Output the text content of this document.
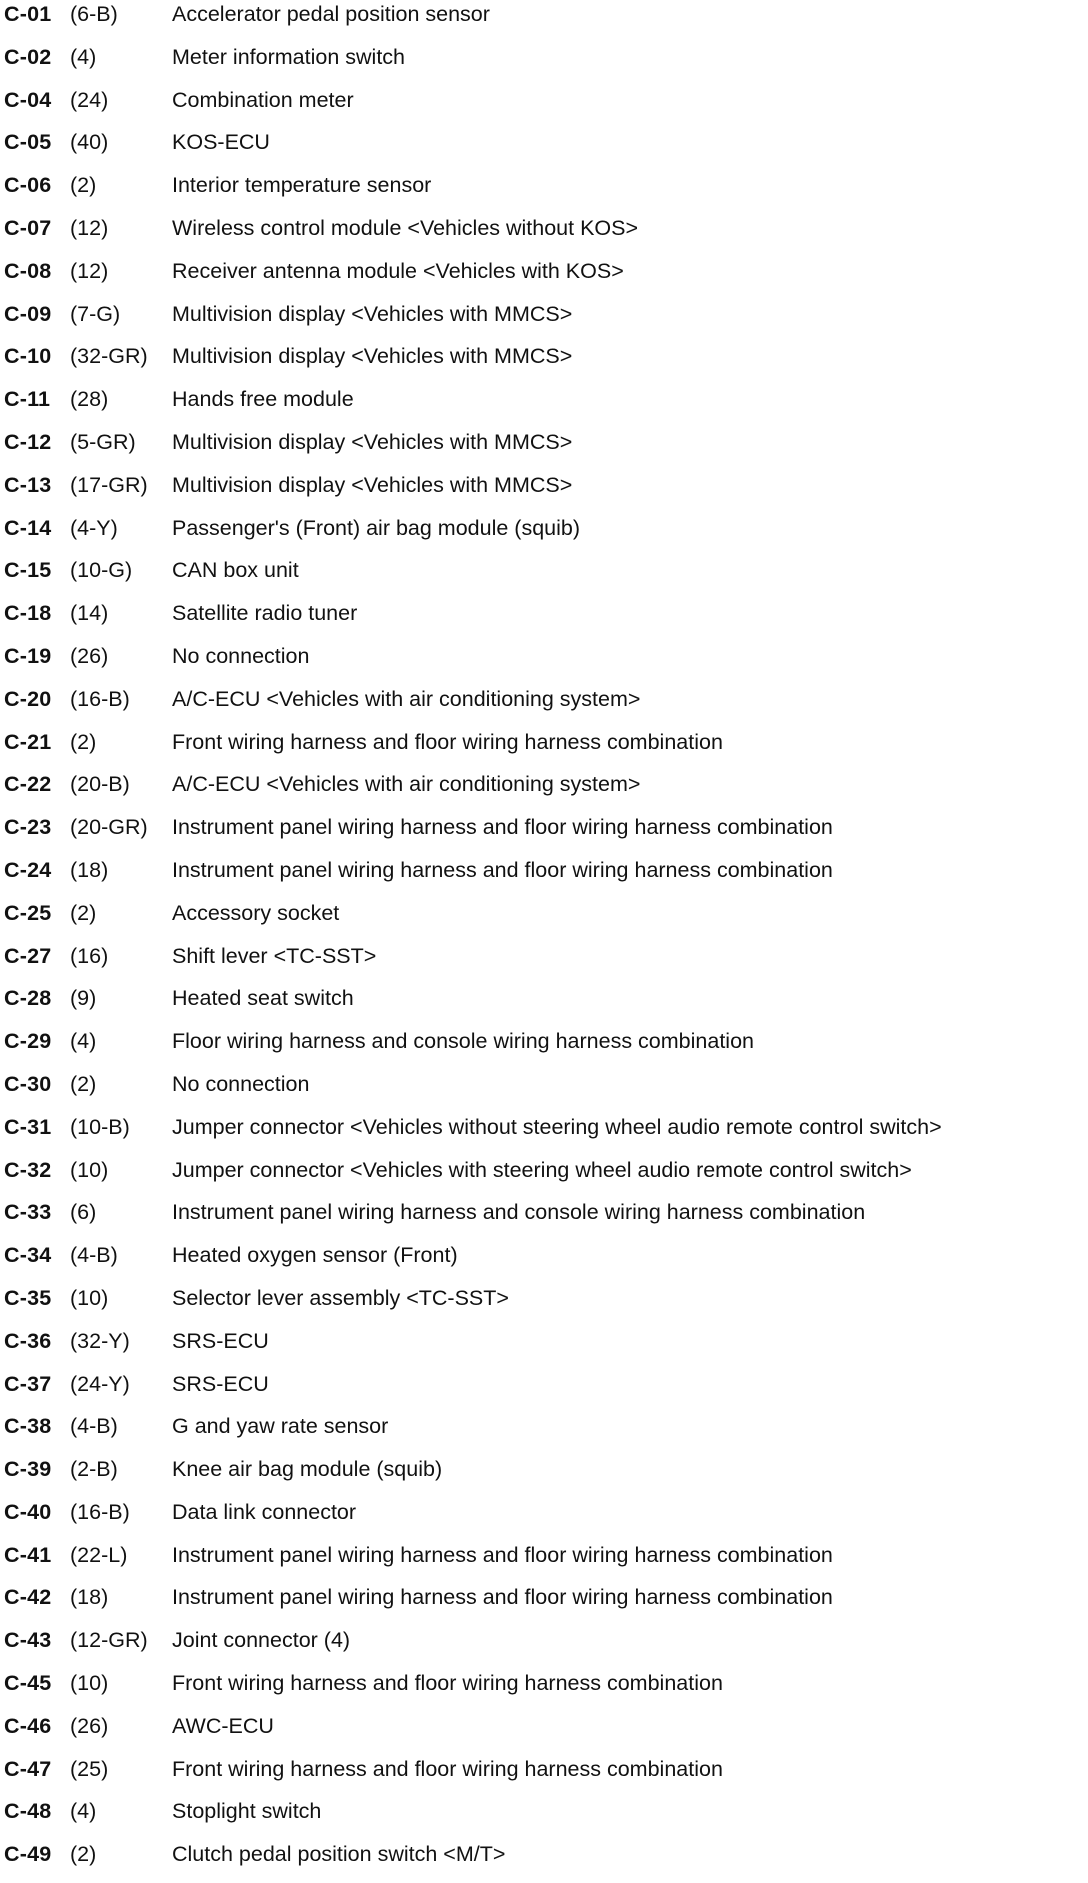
C-01 (6-B)	Accelerator pedal position sensor
C-02 (4)	Meter information switch
C-04 (24)	Combination meter
C-05 (40)	KOS-ECU
C-06 (2)	Interior temperature sensor
C-07 (12)	Wireless control module <Vehicles without KOS>
C-08 (12)	Receiver antenna module <Vehicles with KOS>
C-09 (7-G) Multivision display <Vehicles with MMCS>
C-10 (32-GR) Multivision display <Vehicles with MMCS>
C-11 (28)	Hands free module
C-12 (5-GR) Multivision display <Vehicles with MMCS>
C-13 (17-GR) Multivision display <Vehicles with MMCS>
C-14 (4-Y)	Passenger's (Front) air bag module (squib)
C-15 (10-G) CAN box unit
C-18 (14)	Satellite radio tuner
C-19 (26)	No connection
C-20 (16-B) A/C-ECU <Vehicles with air conditioning system>
C-21 (2)	Front wiring harness and floor wiring harness combination
C-22 (20-B) A/C-ECU <Vehicles with air conditioning system>
C-23 (20-GR) Instrument panel wiring harness and floor wiring harness combination
C-24 (18)	Instrument panel wiring harness and floor wiring harness combination
C-25 (2)	Accessory socket
C-27 (16)	Shift lever <TC-SST>
C-28 (9)	Heated seat switch
C-29 (4)	Floor wiring harness and console wiring harness combination
C-30 (2)	No connection
C-31 (10-B) Jumper connector <Vehicles without steering wheel audio remote control switch>
C-32 (10)	Jumper connector <Vehicles with steering wheel audio remote control switch>
C-33 (6)	Instrument panel wiring harness and console wiring harness combination
C-34 (4-B)	Heated oxygen sensor (Front)
C-35 (10)	Selector lever assembly <TC-SST>
C-36 (32-Y) SRS-ECU
C-37 (24-Y) SRS-ECU
C-38 (4-B)	G and yaw rate sensor
C-39 (2-B)	Knee air bag module (squib)
C-40 (16-B) Data link connector
C-41 (22-L) Instrument panel wiring harness and floor wiring harness combination
C-42 (18)	Instrument panel wiring harness and floor wiring harness combination
C-43 (12-GR) Joint connector (4)
C-45 (10)	Front wiring harness and floor wiring harness combination
C-46 (26)	AWC-ECU
C-47 (25)	Front wiring harness and floor wiring harness combination
C-48 (4)	Stoplight switch
C-49 (2)	Clutch pedal position switch <M/T>
